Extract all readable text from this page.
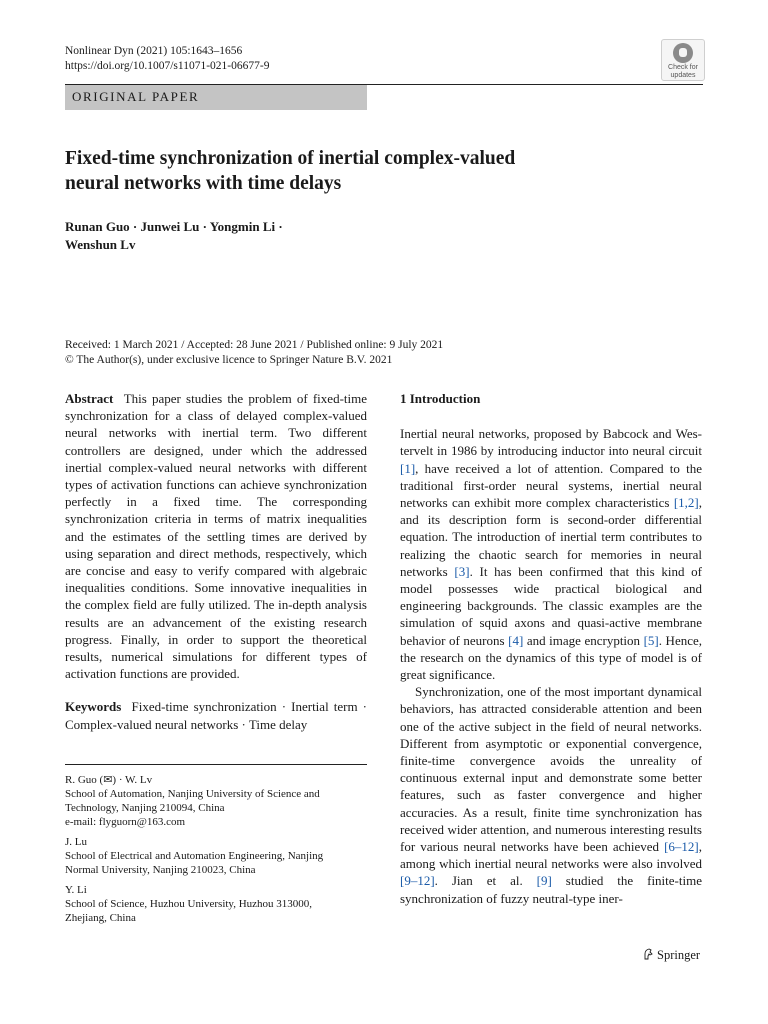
Nonlinear Dyn (2021) 105:1643–1656
https://doi.org/10.1007/s11071-021-06677-9	Check for
updates
ORIGINAL PAPER
Fixed-time synchronization of inertial complex-valued
neural networks with time delays
Runan Guo · Junwei Lu · Yongmin Li ·
Wenshun Lv
Received: 1 March 2021 / Accepted: 28 June 2021 / Published online: 9 July 2021
© The Author(s), under exclusive licence to Springer Nature B.V. 2021

Abstract This paper studies the problem of fixed-time synchronization for a class of delayed complex-valued neural networks with inertial term. Two different controllers are designed, under which the addressed inertial complex-valued neural networks with different types of activation functions can achieve synchronization perfectly in a fixed time. The corresponding synchronization criteria in terms of matrix inequalities and the estimates of the settling times are derived by using separation and direct methods, respectively, which are concise and easy to verify compared with algebraic inequalities conditions. Some innovative inequalities in the complex field are fully utilized. The in-depth analysis results are an advancement of the existing research progress. Finally, in order to support the theoretical results, numerical simulations for different types of activation functions are provided.

Keywords Fixed-time synchronization · Inertial term · Complex-valued neural networks · Time delay

R. Guo (✉) · W. Lv
School of Automation, Nanjing University of Science and
Technology, Nanjing 210094, China
e-mail: flyguorn@163.com
J. Lu
School of Electrical and Automation Engineering, Nanjing
Normal University, Nanjing 210023, China
Y. Li
School of Science, Huzhou University, Huzhou 313000,
Zhejiang, China
1 Introduction

Inertial neural networks, proposed by Babcock and Wes-tervelt in 1986 by introducing inductor into neural circuit [1], have received a lot of attention. Compared to the traditional first-order neural systems, inertial neural networks can exhibit more complex characteristics [1,2], and its description form is second-order differential equation. The introduction of inertial term contributes to realizing the chaotic search for memories in neural networks [3]. It has been confirmed that this kind of model possesses wide practical biological and engineering backgrounds. The classic examples are the simulation of squid axons and quasi-active membrane behavior of neurons [4] and image encryption [5]. Hence, the research on the dynamics of this type of model is of great significance.

Synchronization, one of the most important dynamical behaviors, has attracted considerable attention and been one of the active subject in the field of neural networks. Different from asymptotic or exponential convergence, finite-time convergence avoids the unreality of continuous external input and demonstrate some better features, such as faster convergence and higher accuracies. As a result, finite time synchronization has received wider attention, and numerous interesting results for various neural networks have been achieved [6–12], among which inertial neural networks were also involved [9–12]. Jian et al. [9] studied the finite-time synchronization of fuzzy neutral-type iner-

Springer
